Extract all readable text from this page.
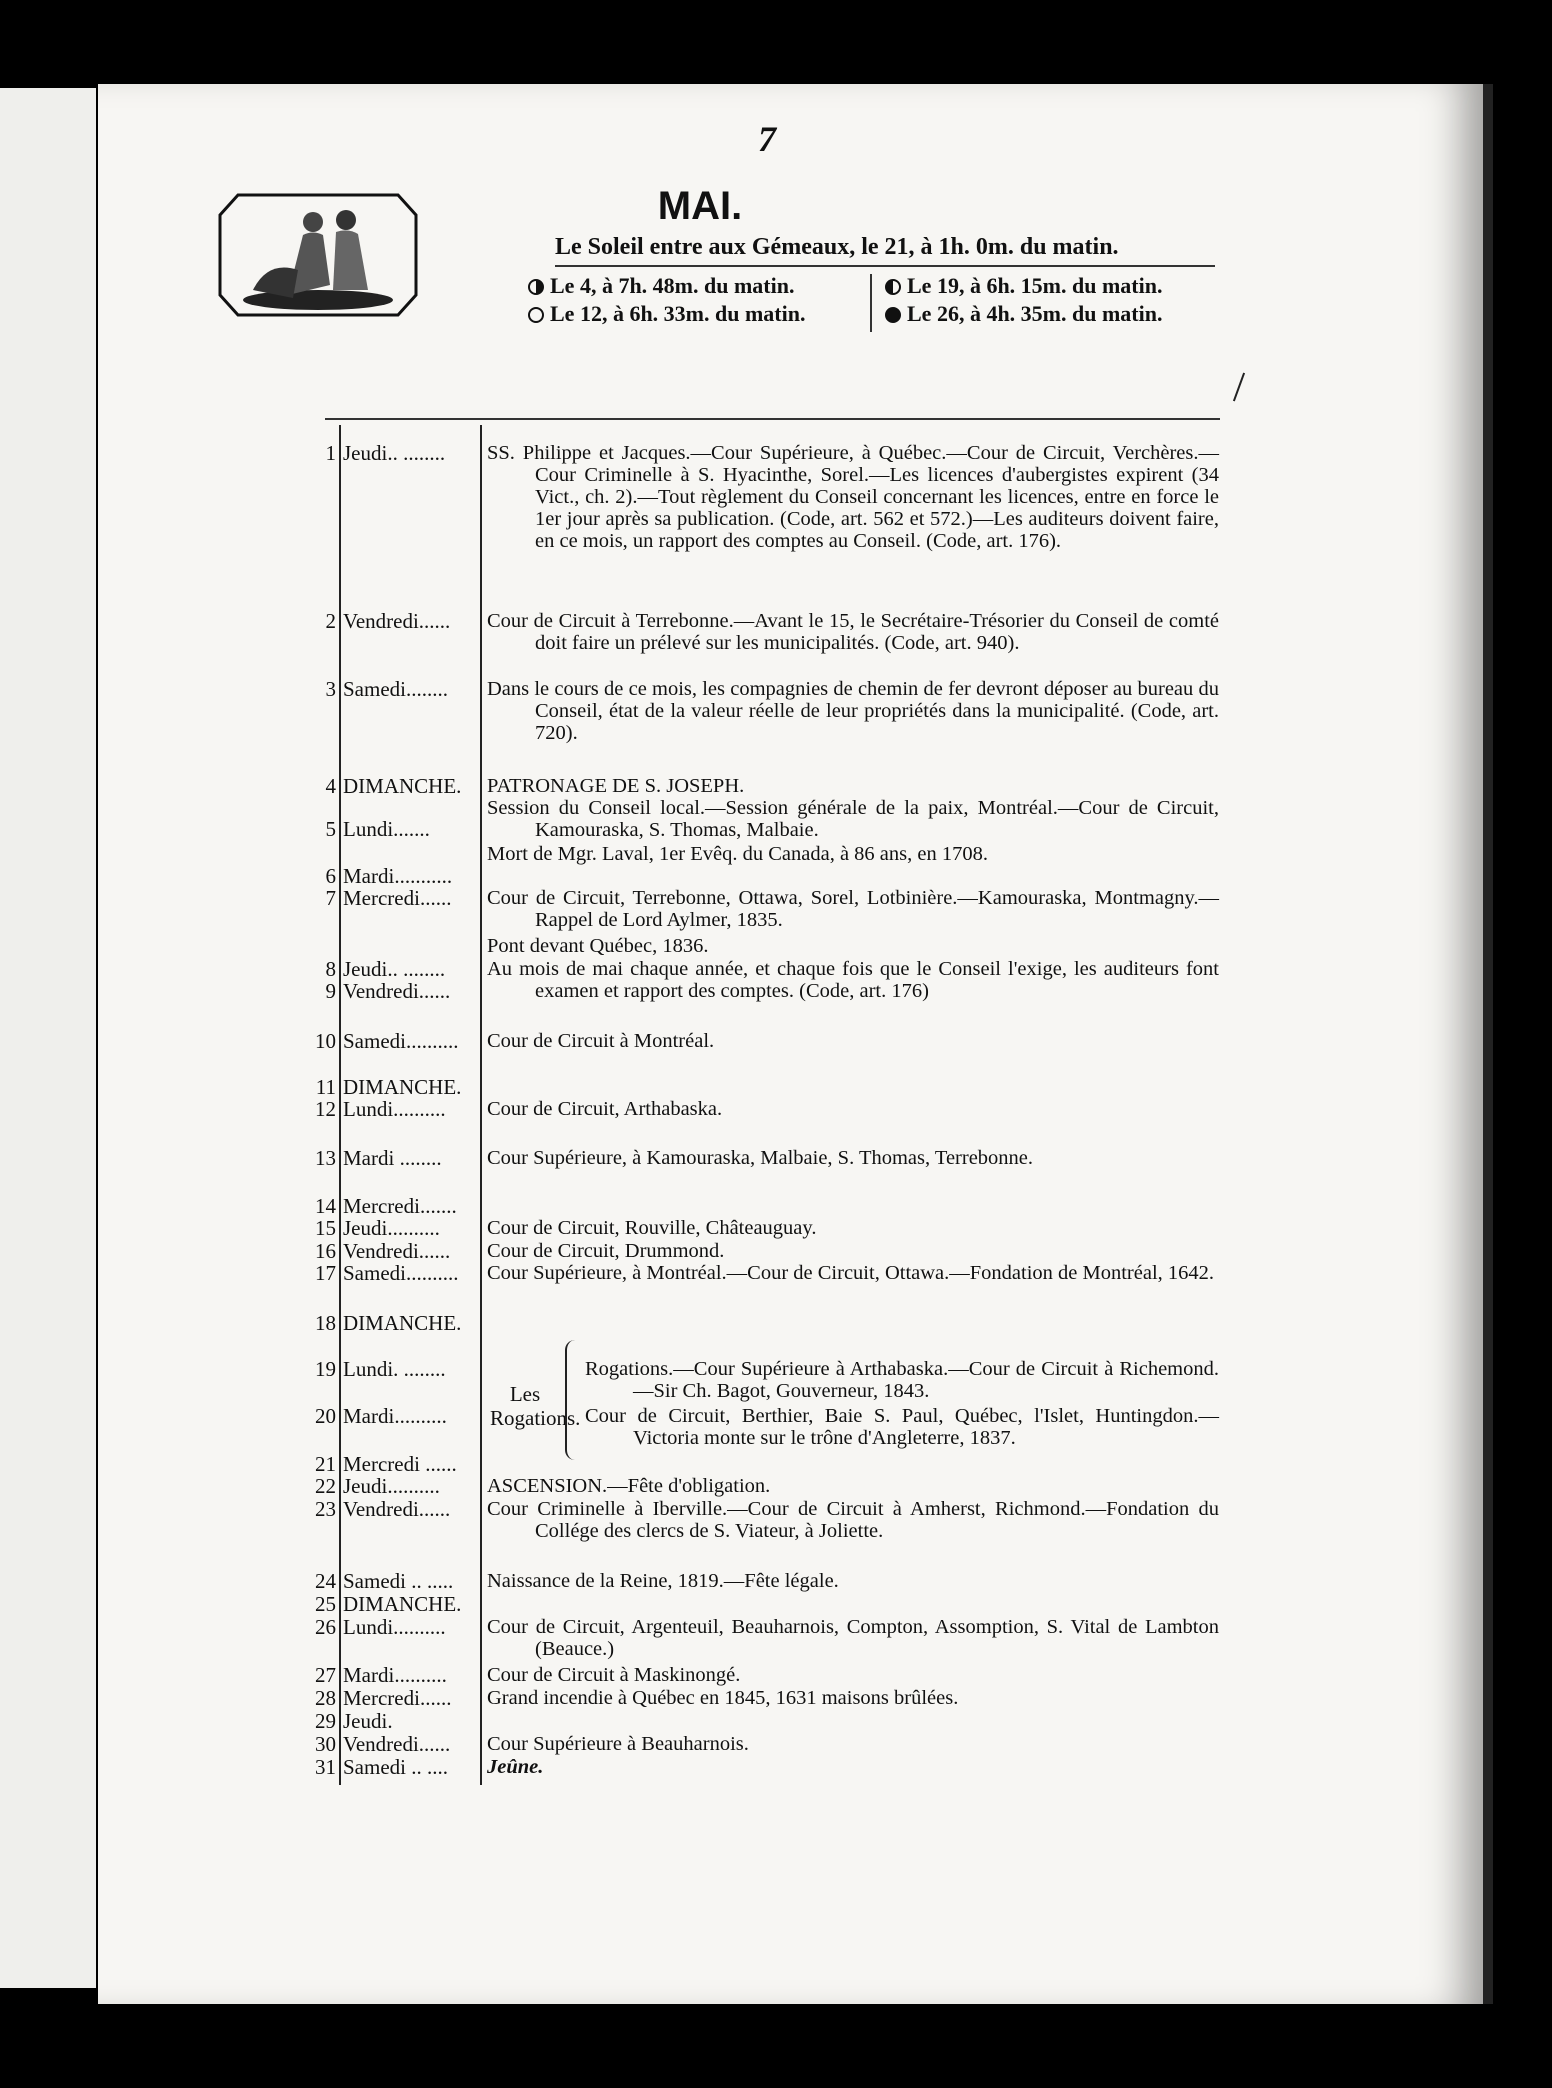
7
MAI.
Le Soleil entre aux Gémeaux, le 21, à 1h. 0m. du matin.
Le 4, à 7h. 48m. du matin.
Le 12, à 6h. 33m. du matin.
Le 19, à 6h. 15m. du matin.
Le 26, à 4h. 35m. du matin.
1 Jeudi.. ........
2 Vendredi......
3 Samedi........
4 DIMANCHE.
5 Lundi.......
6 Mardi...........
7 Mercredi......
8 Jeudi.. ........
9 Vendredi......
10 Samedi..........
11 DIMANCHE.
12 Lundi..........
13 Mardi ........
14 Mercredi.......
15 Jeudi..........
16 Vendredi......
17 Samedi..........
18 DIMANCHE.
19 Lundi. ........
20 Mardi..........
21 Mercredi ......
22 Jeudi..........
23 Vendredi......
24 Samedi .. .....
25 DIMANCHE.
26 Lundi..........
27 Mardi..........
28 Mercredi......
29 Jeudi.
30 Vendredi......
31 Samedi .. ....
SS. Philippe et Jacques.—Cour Supérieure, à Québec.—Cour de Circuit, Verchères.—Cour Criminelle à S. Hyacinthe, Sorel.—Les licences d'aubergistes expirent (34 Vict., ch. 2).—Tout règlement du Conseil concernant les licences, entre en force le 1er jour après sa publication. (Code, art. 562 et 572.)—Les auditeurs doivent faire, en ce mois, un rapport des comptes au Conseil. (Code, art. 176).
Cour de Circuit à Terrebonne.—Avant le 15, le Secrétaire-Trésorier du Conseil de comté doit faire un prélevé sur les municipalités. (Code, art. 940).
Dans le cours de ce mois, les compagnies de chemin de fer devront déposer au bureau du Conseil, état de la valeur réelle de leur propriétés dans la municipalité. (Code, art. 720).
PATRONAGE DE S. JOSEPH.
Session du Conseil local.—Session générale de la paix, Montréal.—Cour de Circuit, Kamouraska, S. Thomas, Malbaie.
Mort de Mgr. Laval, 1er Evêq. du Canada, à 86 ans, en 1708.
Cour de Circuit, Terrebonne, Ottawa, Sorel, Lotbinière.—Kamouraska, Montmagny.—Rappel de Lord Aylmer, 1835.
Pont devant Québec, 1836.
Au mois de mai chaque année, et chaque fois que le Conseil l'exige, les auditeurs font examen et rapport des comptes. (Code, art. 176)
Cour de Circuit à Montréal.
Cour de Circuit, Arthabaska.
Cour Supérieure, à Kamouraska, Malbaie, S. Thomas, Terrebonne.
Cour de Circuit, Rouville, Châteauguay.
Cour de Circuit, Drummond.
Cour Supérieure, à Montréal.—Cour de Circuit, Ottawa.—Fondation de Montréal, 1642.
Les Rogations.
Rogations.—Cour Supérieure à Arthabaska.—Cour de Circuit à Richemond.—Sir Ch. Bagot, Gouverneur, 1843.
Cour de Circuit, Berthier, Baie S. Paul, Québec, l'Islet, Huntingdon.—Victoria monte sur le trône d'Angleterre, 1837.
ASCENSION.—Fête d'obligation.
Cour Criminelle à Iberville.—Cour de Circuit à Amherst, Richmond.—Fondation du Collége des clercs de S. Viateur, à Joliette.
Naissance de la Reine, 1819.—Fête légale.
Cour de Circuit, Argenteuil, Beauharnois, Compton, Assomption, S. Vital de Lambton (Beauce.)
Cour de Circuit à Maskinongé.
Grand incendie à Québec en 1845, 1631 maisons brûlées.
Cour Supérieure à Beauharnois.
Jeûne.
